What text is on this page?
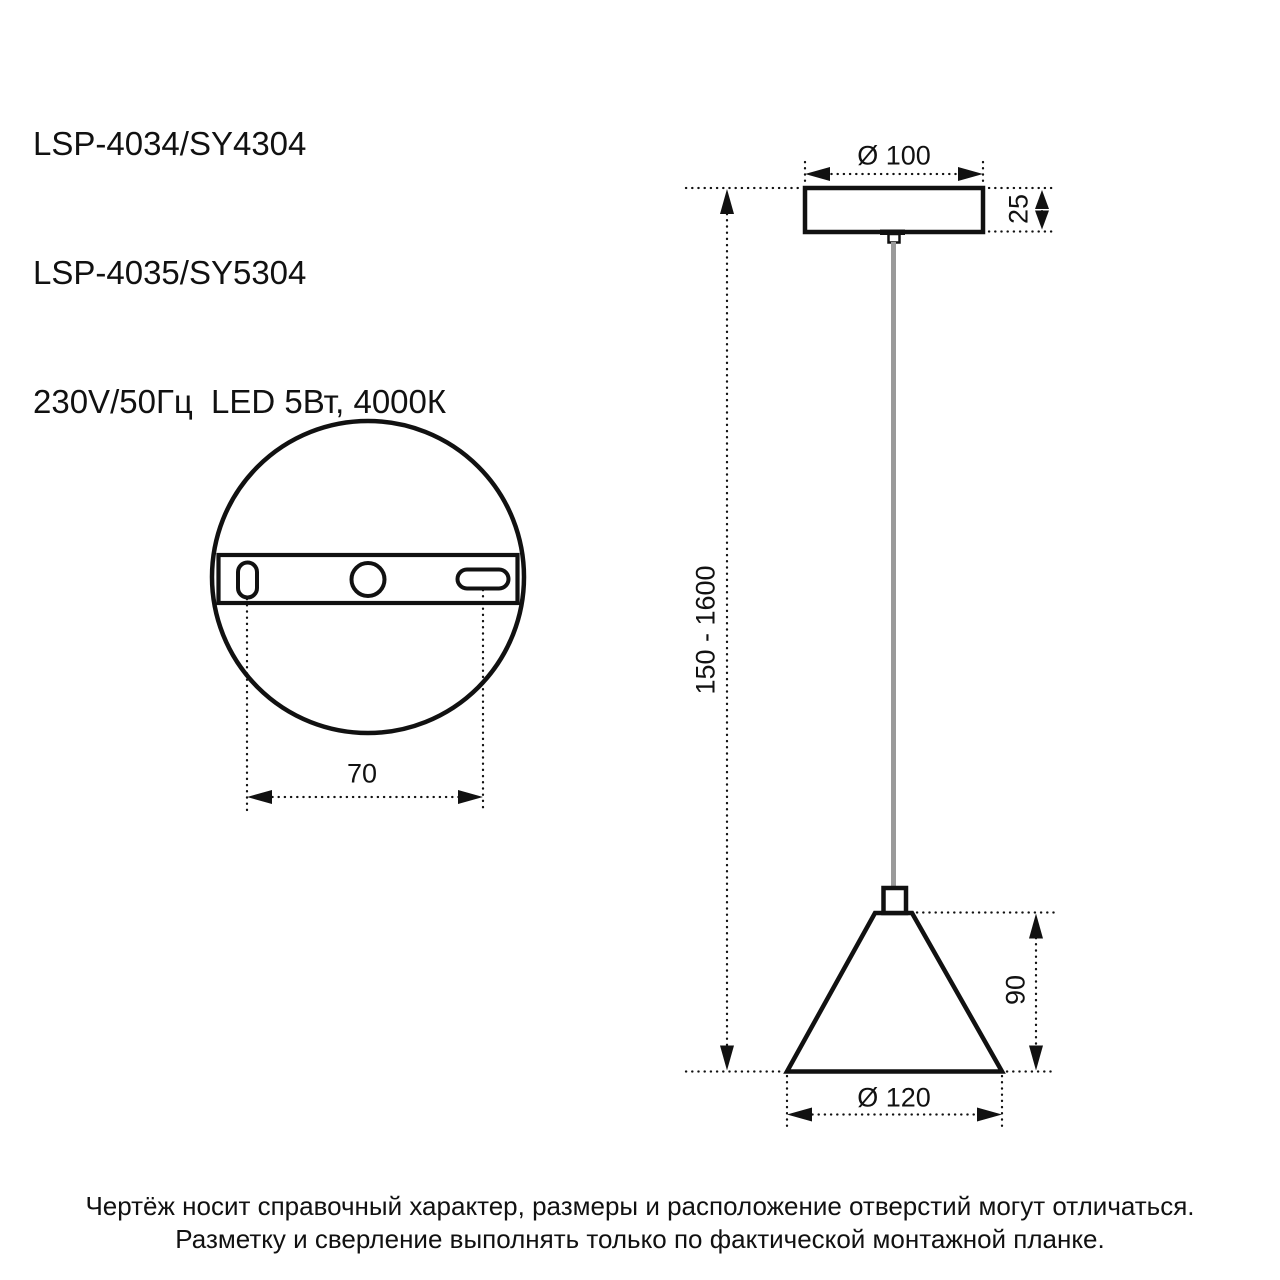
LSP-4034/SY4304

LSP-4035/SY5304

230V/50Гц  LED 5Вт, 4000К

Ø 100
25
150 - 1600
70
90
Ø 120
Чертёж носит справочный характер, размеры и расположение отверстий могут отличаться.
Разметку и сверление выполнять только по фактической монтажной планке.
